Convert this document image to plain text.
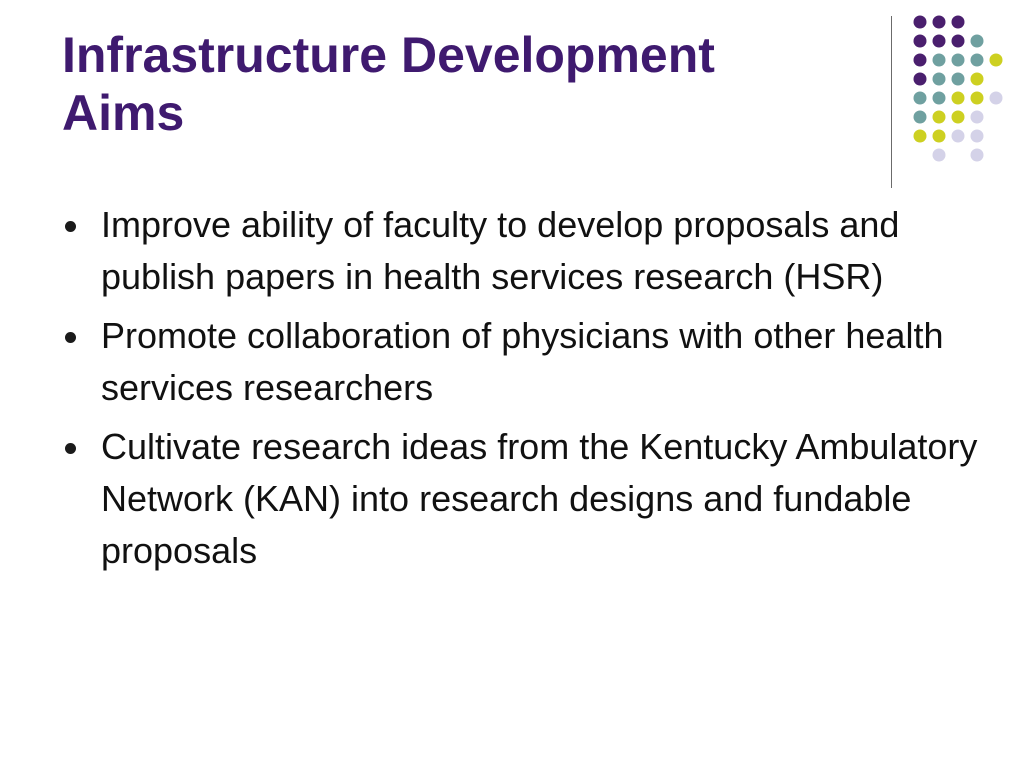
Infrastructure Development
Aims
Improve ability of faculty to develop proposals and publish papers in health services research (HSR)
Promote collaboration of physicians with other health services researchers
Cultivate research ideas from the Kentucky Ambulatory Network (KAN) into research designs and fundable proposals
